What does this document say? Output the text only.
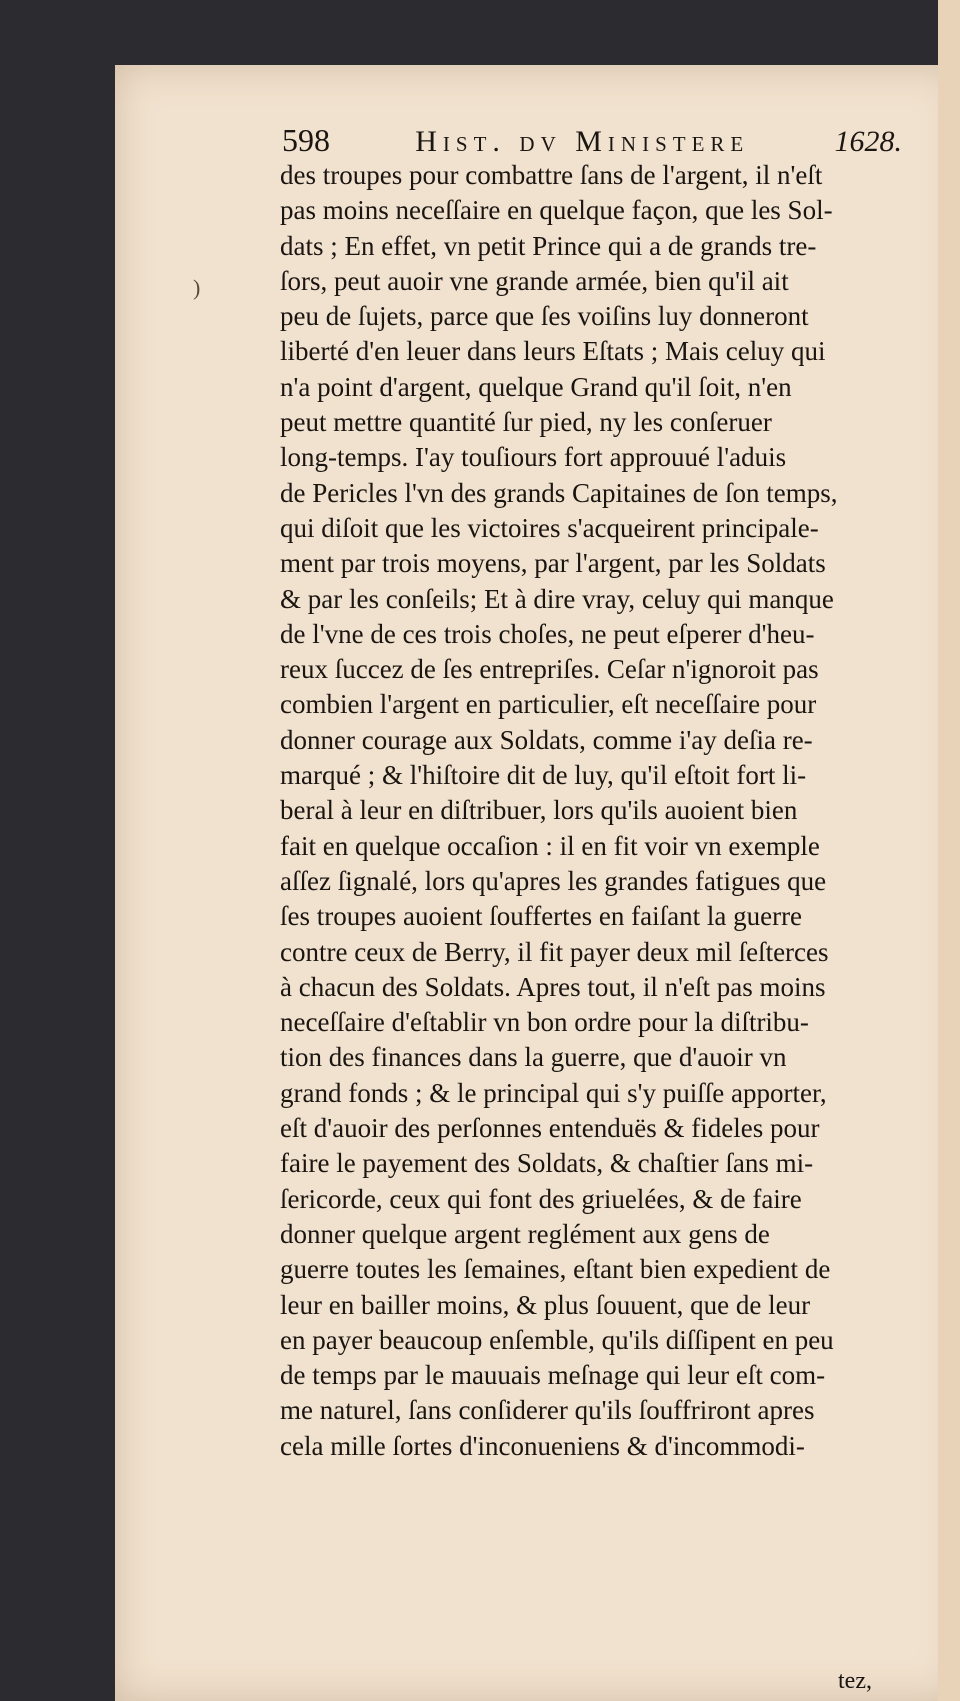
598	Hist. dv Ministere	1628.
)
des troupes pour combattre ſans de l'argent, il n'eſt
pas moins neceſſaire en quelque façon, que les Sol-
dats ; En effet, vn petit Prince qui a de grands tre-
ſors, peut auoir vne grande armée, bien qu'il ait
peu de ſujets, parce que ſes voiſins luy donneront
liberté d'en leuer dans leurs Eſtats ; Mais celuy qui
n'a point d'argent, quelque Grand qu'il ſoit, n'en
peut mettre quantité ſur pied, ny les conſeruer
long-temps. I'ay touſiours fort approuué l'aduis
de Pericles l'vn des grands Capitaines de ſon temps,
qui diſoit que les victoires s'acqueirent principale-
ment par trois moyens, par l'argent, par les Soldats
& par les conſeils; Et à dire vray, celuy qui manque
de l'vne de ces trois choſes, ne peut eſperer d'heu-
reux ſuccez de ſes entrepriſes. Ceſar n'ignoroit pas
combien l'argent en particulier, eſt neceſſaire pour
donner courage aux Soldats, comme i'ay deſia re-
marqué ; & l'hiſtoire dit de luy, qu'il eſtoit fort li-
beral à leur en diſtribuer, lors qu'ils auoient bien
fait en quelque occaſion : il en fit voir vn exemple
aſſez ſignalé, lors qu'apres les grandes fatigues que
ſes troupes auoient ſouffertes en faiſant la guerre
contre ceux de Berry, il fit payer deux mil ſeſterces
à chacun des Soldats. Apres tout, il n'eſt pas moins
neceſſaire d'eſtablir vn bon ordre pour la diſtribu-
tion des finances dans la guerre, que d'auoir vn
grand fonds ; & le principal qui s'y puiſſe apporter,
eſt d'auoir des perſonnes entenduës & fideles pour
faire le payement des Soldats, & chaſtier ſans mi-
ſericorde, ceux qui font des griuelées, & de faire
donner quelque argent reglément aux gens de
guerre toutes les ſemaines, eſtant bien expedient de
leur en bailler moins, & plus ſouuent, que de leur
en payer beaucoup enſemble, qu'ils diſſipent en peu
de temps par le mauuais meſnage qui leur eſt com-
me naturel, ſans conſiderer qu'ils ſouffriront apres
cela mille ſortes d'inconueniens & d'incommodi-
tez,
